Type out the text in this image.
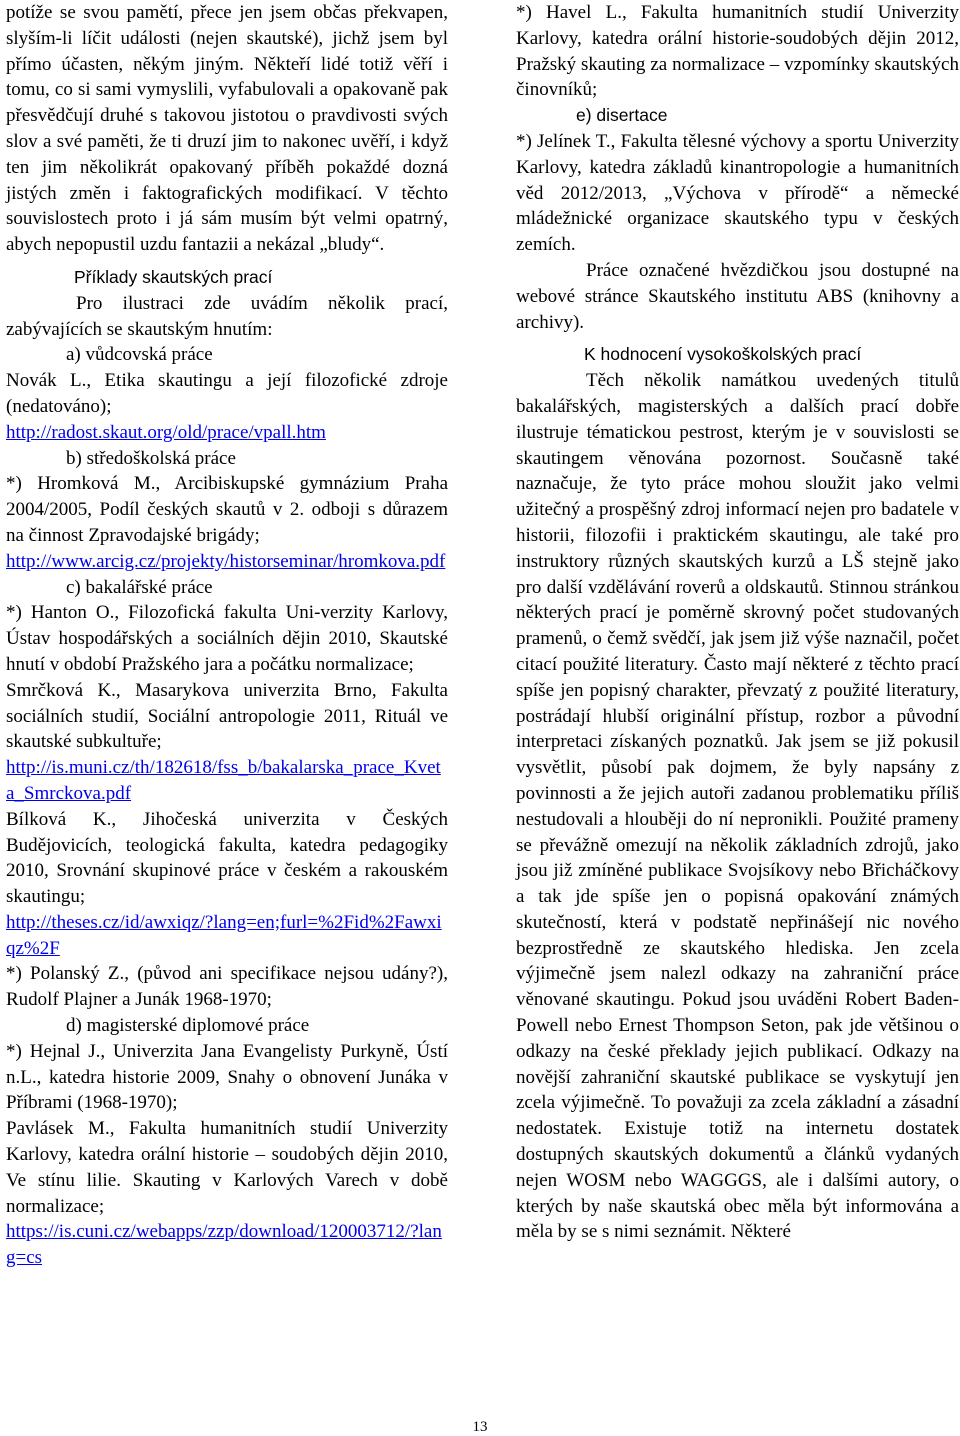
potíže se svou pamětí, přece jen jsem občas překvapen, slyším-li líčit události (nejen skautské), jichž jsem byl přímo účasten, někým jiným. Někteří lidé totiž věří i tomu, co si sami vymyslili, vyfabulovali a opakovaně pak přesvědčují druhé s takovou jistotou o pravdivosti svých slov a své paměti, že ti druzí jim to nakonec uvěří, i když ten jim několikrát opakovaný příběh pokaždé dozná jistých změn i faktografických modifikací. V těchto souvislostech proto i já sám musím být velmi opatrný, abych nepopustil uzdu fantazii a nekázal „bludy“.

Příklady skautských prací

Pro ilustraci zde uvádím několik prací, zabývajících se skautským hnutím:

a) vůdcovská práce

Novák L., Etika skautingu a její filozofické zdroje (nedatováno);

http://radost.skaut.org/old/prace/vpall.htm

b) středoškolská práce

*) Hromková M., Arcibiskupské gymnázium Praha 2004/2005, Podíl českých skautů v 2. odboji s důrazem na činnost Zpravodajské brigády;

http://www.arcig.cz/projekty/historseminar/hromkova.pdf

c) bakalářské práce

*) Hanton O., Filozofická fakulta Uni-verzity Karlovy, Ústav hospodářských a sociálních dějin 2010, Skautské hnutí v období Pražského jara a počátku normalizace;

Smrčková K., Masarykova univerzita Brno, Fakulta sociálních studií, Sociální antropologie 2011, Rituál ve skautské subkultuře;

http://is.muni.cz/th/182618/fss_b/bakalarska_prace_Kveta_Smrckova.pdf

Bílková K., Jihočeská univerzita v Českých Budějovicích, teologická fakulta, katedra pedagogiky 2010, Srovnání skupinové práce v českém a rakouském skautingu;

http://theses.cz/id/awxiqz/?lang=en;furl=%2Fid%2Fawxiqz%2F

*) Polanský Z., (původ ani specifikace nejsou udány?), Rudolf Plajner a Junák 1968-1970;

d) magisterské diplomové práce

*) Hejnal J., Univerzita Jana Evangelisty Purkyně, Ústí n.L., katedra historie 2009, Snahy o obnovení Junáka v Příbrami (1968-1970);

Pavlásek M., Fakulta humanitních studií Univerzity Karlovy, katedra orální historie – soudobých dějin 2010, Ve stínu lilie. Skauting v Karlových Varech v době normalizace;

https://is.cuni.cz/webapps/zzp/download/120003712/?lang=cs

*) Havel L., Fakulta humanitních studií Univerzity Karlovy, katedra orální historie-soudobých dějin 2012, Pražský skauting za normalizace – vzpomínky skautských činovníků;

e) disertace

*) Jelínek T., Fakulta tělesné výchovy a sportu Univerzity Karlovy, katedra základů kinantropologie a humanitních věd 2012/2013, „Výchova v přírodě“ a německé mládežnické organizace skautského typu v českých zemích.

Práce označené hvězdičkou jsou dostupné na webové stránce Skautského institutu ABS (knihovny a archivy).

K hodnocení vysokoškolských prací

Těch několik namátkou uvedených titulů bakalářských, magisterských a dalších prací dobře ilustruje tématickou pestrost, kterým je v souvislosti se skautingem věnována pozornost. Současně také naznačuje, že tyto práce mohou sloužit jako velmi užitečný a prospěšný zdroj informací nejen pro badatele v historii, filozofii i praktickém skautingu, ale také pro instruktory různých skautských kurzů a LŠ stejně jako pro další vzdělávání roverů a oldskautů. Stinnou stránkou některých prací je poměrně skrovný počet studovaných pramenů, o čemž svědčí, jak jsem již výše naznačil, počet citací použité literatury. Často mají některé z těchto prací spíše jen popisný charakter, převzatý z použité literatury, postrádají hlubší originální přístup, rozbor a původní interpretaci získaných poznatků. Jak jsem se již pokusil vysvětlit, působí pak dojmem, že byly napsány z povinnosti a že jejich autoři zadanou problematiku příliš nestudovali a hlouběji do ní nepronikli. Použité prameny se převážně omezují na několik základních zdrojů, jako jsou již zmíněné publikace Svojsíkovy nebo Břicháčkovy a tak jde spíše jen o popisná opakování známých skutečností, která v podstatě nepřinášejí nic nového bezprostředně ze skautského hlediska. Jen zcela výjimečně jsem nalezl odkazy na zahraniční práce věnované skautingu. Pokud jsou uváděni Robert Baden-Powell nebo Ernest Thompson Seton, pak jde většinou o odkazy na české překlady jejich publikací. Odkazy na novější zahraniční skautské publikace se vyskytují jen zcela výjimečně. To považuji za zcela základní a zásadní nedostatek. Existuje totiž na internetu dostatek dostupných skautských dokumentů a článků vydaných nejen WOSM nebo WAGGGS, ale i dalšími autory, o kterých by naše skautská obec měla být informována a měla by se s nimi seznámit. Některé

13
